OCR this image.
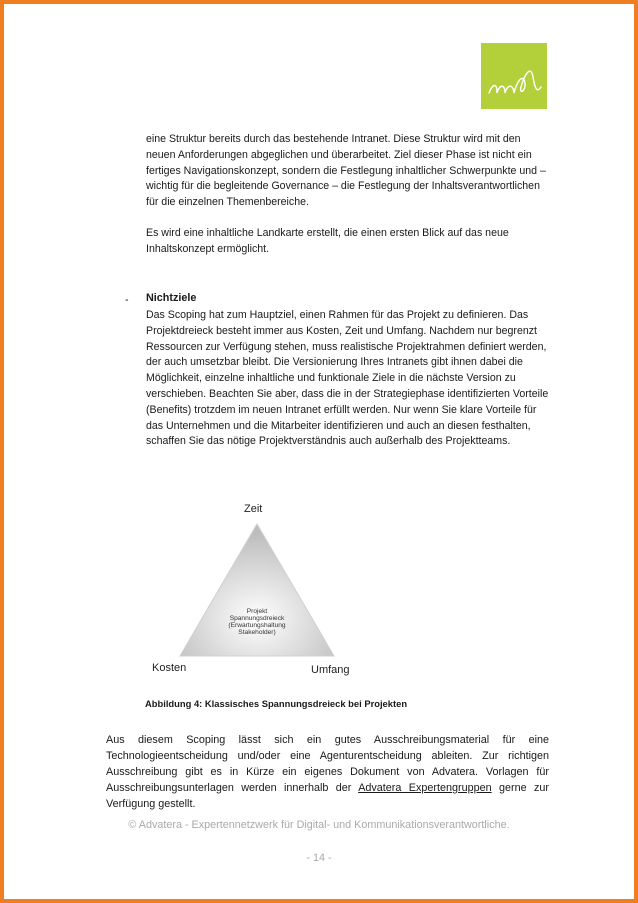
eine Struktur bereits durch das bestehende Intranet. Diese Struktur wird mit den neuen Anforderungen abgeglichen und überarbeitet. Ziel dieser Phase ist nicht ein fertiges Navigationskonzept, sondern die Festlegung inhaltlicher Schwerpunkte und – wichtig für die begleitende Governance – die Festlegung der Inhaltsverantwortlichen für die einzelnen Themenbereiche.

Es wird eine inhaltliche Landkarte erstellt, die einen ersten Blick auf das neue Inhaltskonzept ermöglicht.

- Nichtziele

Das Scoping hat zum Hauptziel, einen Rahmen für das Projekt zu definieren. Das Projektdreieck besteht immer aus Kosten, Zeit und Umfang. Nachdem nur begrenzt Ressourcen zur Verfügung stehen, muss realistische Projektrahmen definiert werden, der auch umsetzbar bleibt. Die Versionierung Ihres Intranets gibt ihnen dabei die Möglichkeit, einzelne inhaltliche und funktionale Ziele in die nächste Version zu verschieben. Beachten Sie aber, dass die in der Strategiephase identifizierten Vorteile (Benefits) trotzdem im neuen Intranet erfüllt werden. Nur wenn Sie klare Vorteile für das Unternehmen und die Mitarbeiter identifizieren und auch an diesen festhalten, schaffen Sie das nötige Projektverständnis auch außerhalb des Projektteams.

Zeit
Projekt
Spannungsdreieck
(Erwartungshaltung
Stakeholder)
Kosten	Umfang

Abbildung 4: Klassisches Spannungsdreieck bei Projekten

Aus diesem Scoping lässt sich ein gutes Ausschreibungsmaterial für eine Technologieentscheidung und/oder eine Agenturentscheidung ableiten. Zur richtigen Ausschreibung gibt es in Kürze ein eigenes Dokument von Advatera. Vorlagen für Ausschreibungsunterlagen werden innerhalb der Advatera Expertengruppen gerne zur Verfügung gestellt.

© Advatera - Expertennetzwerk für Digital- und Kommunikationsverantwortliche.

- 14 -
